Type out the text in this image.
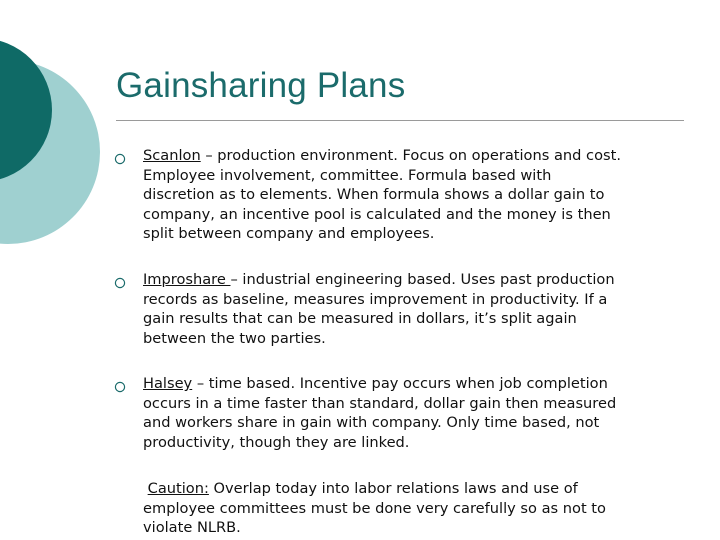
Gainsharing Plans
Scanlon – production environment. Focus on operations and cost.
Employee involvement, committee. Formula based with
discretion as to elements. When formula shows a dollar gain to
company, an incentive pool is calculated and the money is then
split between company and employees.
Improshare – industrial engineering based. Uses past production
records as baseline, measures improvement in productivity. If a
gain results that can be measured in dollars, it’s split again
between the two parties.
Halsey – time based. Incentive pay occurs when job completion
occurs in a time faster than standard, dollar gain then measured
and workers share in gain with company. Only time based, not
productivity, though they are linked.
Caution: Overlap today into labor relations laws and use of
employee committees must be done very carefully so as not to
violate NLRB.
